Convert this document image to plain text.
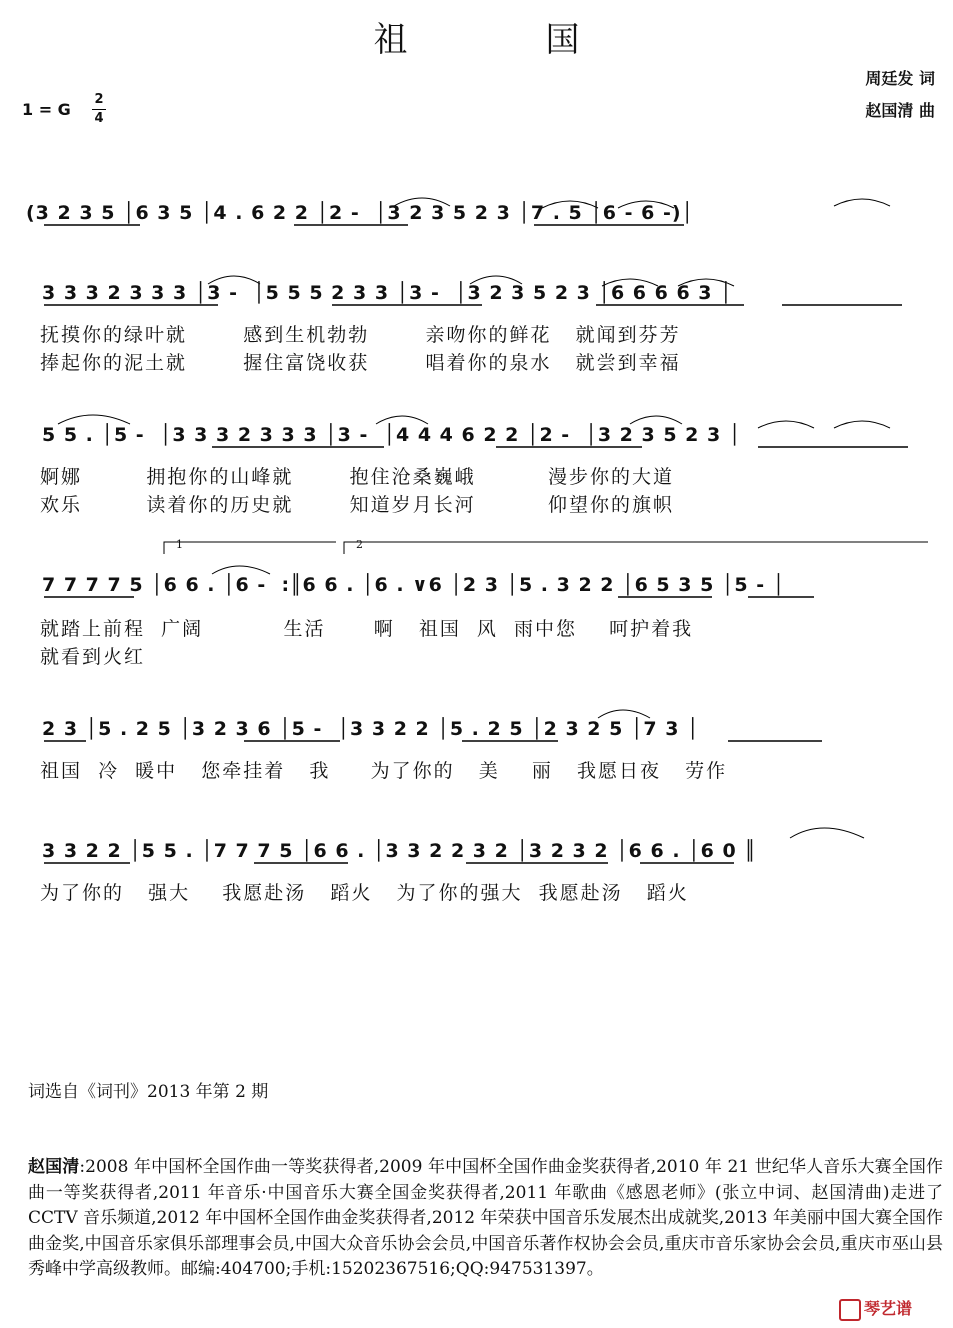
祖　国
周廷发 词
赵国清 曲
1 = G
2
4
(3 2 3 5 │6 3 5 │4 . 6 2 2 │2 -  │3 2 3 5 2 3 │7 . 5 │6 - 6 -)│
3 3 3 2 3 3 3 │3 -  │5 5 5 2 3 3 │3 -  │3 2 3 5 2 3 │6 6 6 6 3 │
抚摸你的绿叶就       感到生机勃勃       亲吻你的鲜花   就闻到芬芳
捧起你的泥土就       握住富饶收获       唱着你的泉水   就尝到幸福
5 5 . │5 -  │3 3 3 2 3 3 3 │3 -  │4 4 4 6 2 2 │2 -  │3 2 3 5 2 3 │
婀娜        拥抱你的山峰就       抱住沧桑巍峨         漫步你的大道
欢乐        读着你的历史就       知道岁月长河         仰望你的旗帜
1	2
7 7 7 7 5 │6 6 . │6 -  :║6 6 . │6 . ∨6 │2 3 │5 . 3 2 2 │6 5 3 5 │5 - │
就踏上前程  广阔          生活      啊   祖国  风  雨中您    呵护着我
就看到火红
2 3 │5 . 2 5 │3 2 3 6 │5 -  │3 3 2 2 │5 . 2 5 │2 3 2 5 │7 3 │
祖国  冷  暖中   您牵挂着   我     为了你的   美    丽   我愿日夜   劳作
3 3 2 2 │5 5 . │7 7 7 5 │6 6 . │3 3 2 2 3 2 │3 2 3 2 │6 6 . │6 0 ║
为了你的   强大    我愿赴汤   蹈火   为了你的强大  我愿赴汤   蹈火
词选自《词刊》2013 年第 2 期
赵国清:2008 年中国杯全国作曲一等奖获得者,2009 年中国杯全国作曲金奖获得者,2010 年 21 世纪华人音乐大赛全国作曲一等奖获得者,2011 年音乐·中国音乐大赛全国金奖获得者,2011 年歌曲《感恩老师》(张立中词、赵国清曲)走进了 CCTV 音乐频道,2012 年中国杯全国作曲金奖获得者,2012 年荣获中国音乐发展杰出成就奖,2013 年美丽中国大赛全国作曲金奖,中国音乐家俱乐部理事会员,中国大众音乐协会会员,中国音乐著作权协会会员,重庆市音乐家协会会员,重庆市巫山县秀峰中学高级教师。邮编:404700;手机:15202367516;QQ:947531397。
琴艺谱
